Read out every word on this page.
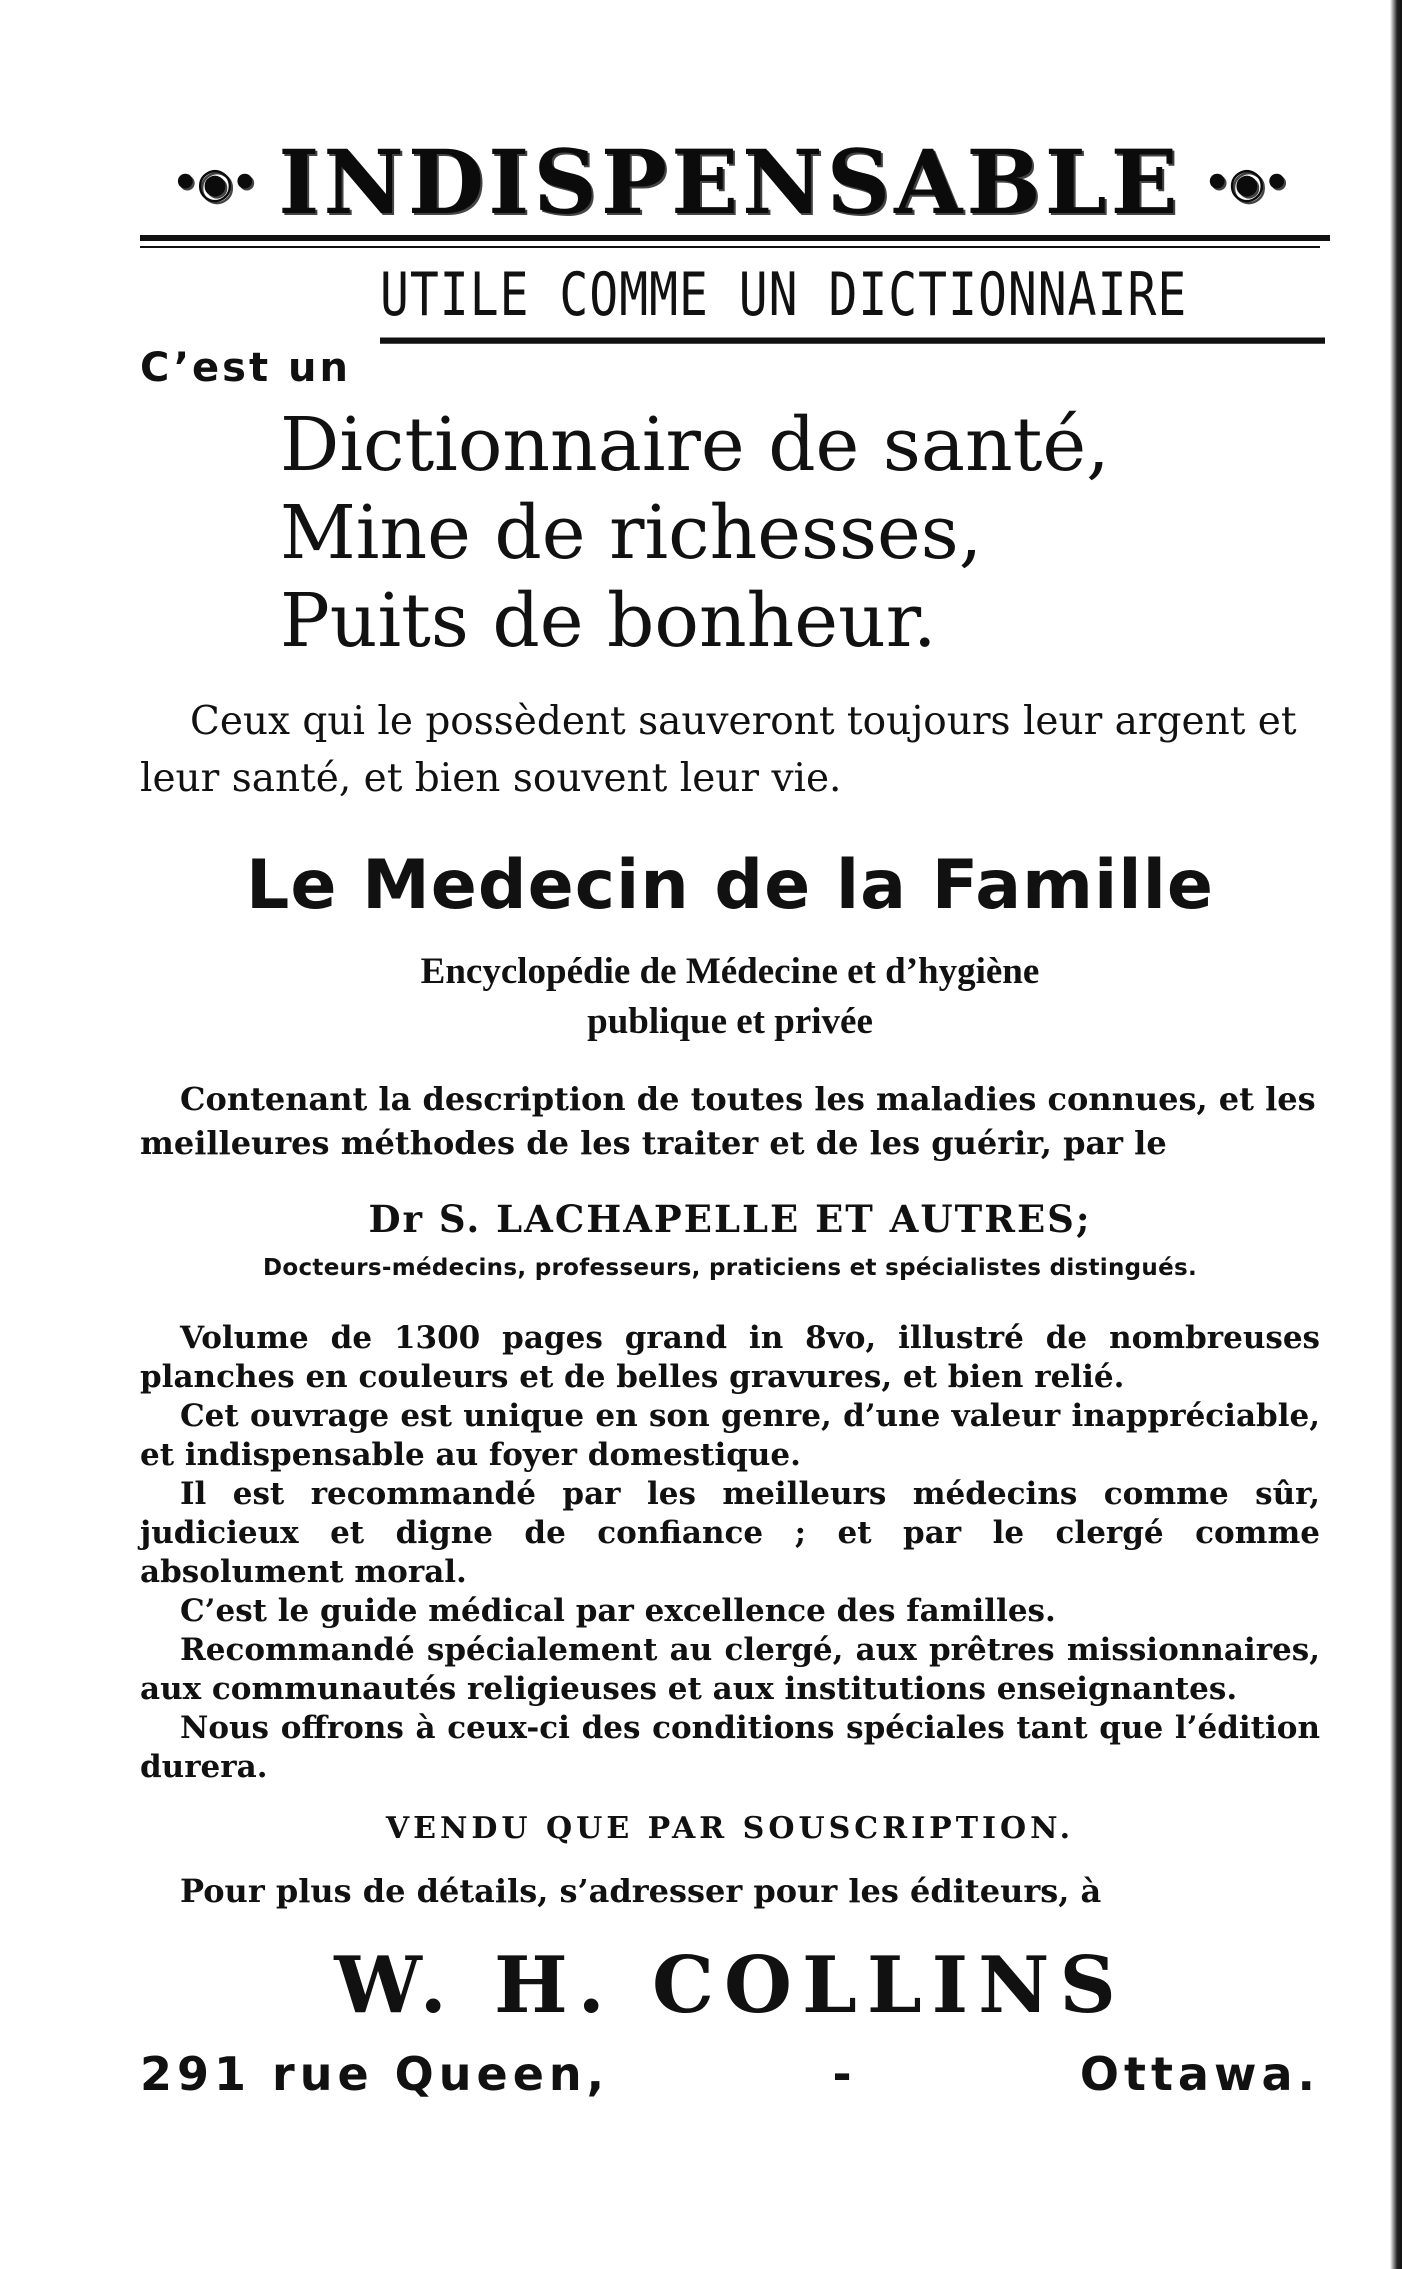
•◉• INDISPENSABLE •◉•
UTILE COMME UN DICTIONNAIRE
C’est un
Dictionnaire de santé,
Mine de richesses,
Puits de bonheur.

Ceux qui le possèdent sauveront toujours leur argent et leur santé, et bien souvent leur vie.

Le Medecin de la Famille
Encyclopédie de Médecine et d’hygiène
publique et privée

Contenant la description de toutes les maladies connues, et les meilleures méthodes de les traiter et de les guérir, par le

Dr S. LACHAPELLE ET AUTRES;
Docteurs-médecins, professeurs, praticiens et spécialistes distingués.

Volume de 1300 pages grand in 8vo, illustré de nombreuses planches en couleurs et de belles gravures, et bien relié.

Cet ouvrage est unique en son genre, d’une valeur inappréciable, et indispensable au foyer domestique.

Il est recommandé par les meilleurs médecins comme sûr, judicieux et digne de confiance ; et par le clergé comme absolument moral.

C’est le guide médical par excellence des familles.

Recommandé spécialement au clergé, aux prêtres missionnaires, aux communautés religieuses et aux institutions enseignantes.

Nous offrons à ceux-ci des conditions spéciales tant que l’édition durera.

VENDU QUE PAR SOUSCRIPTION.
Pour plus de détails, s’adresser pour les éditeurs, à
W. H. COLLINS
291 rue Queen,	-	Ottawa.
